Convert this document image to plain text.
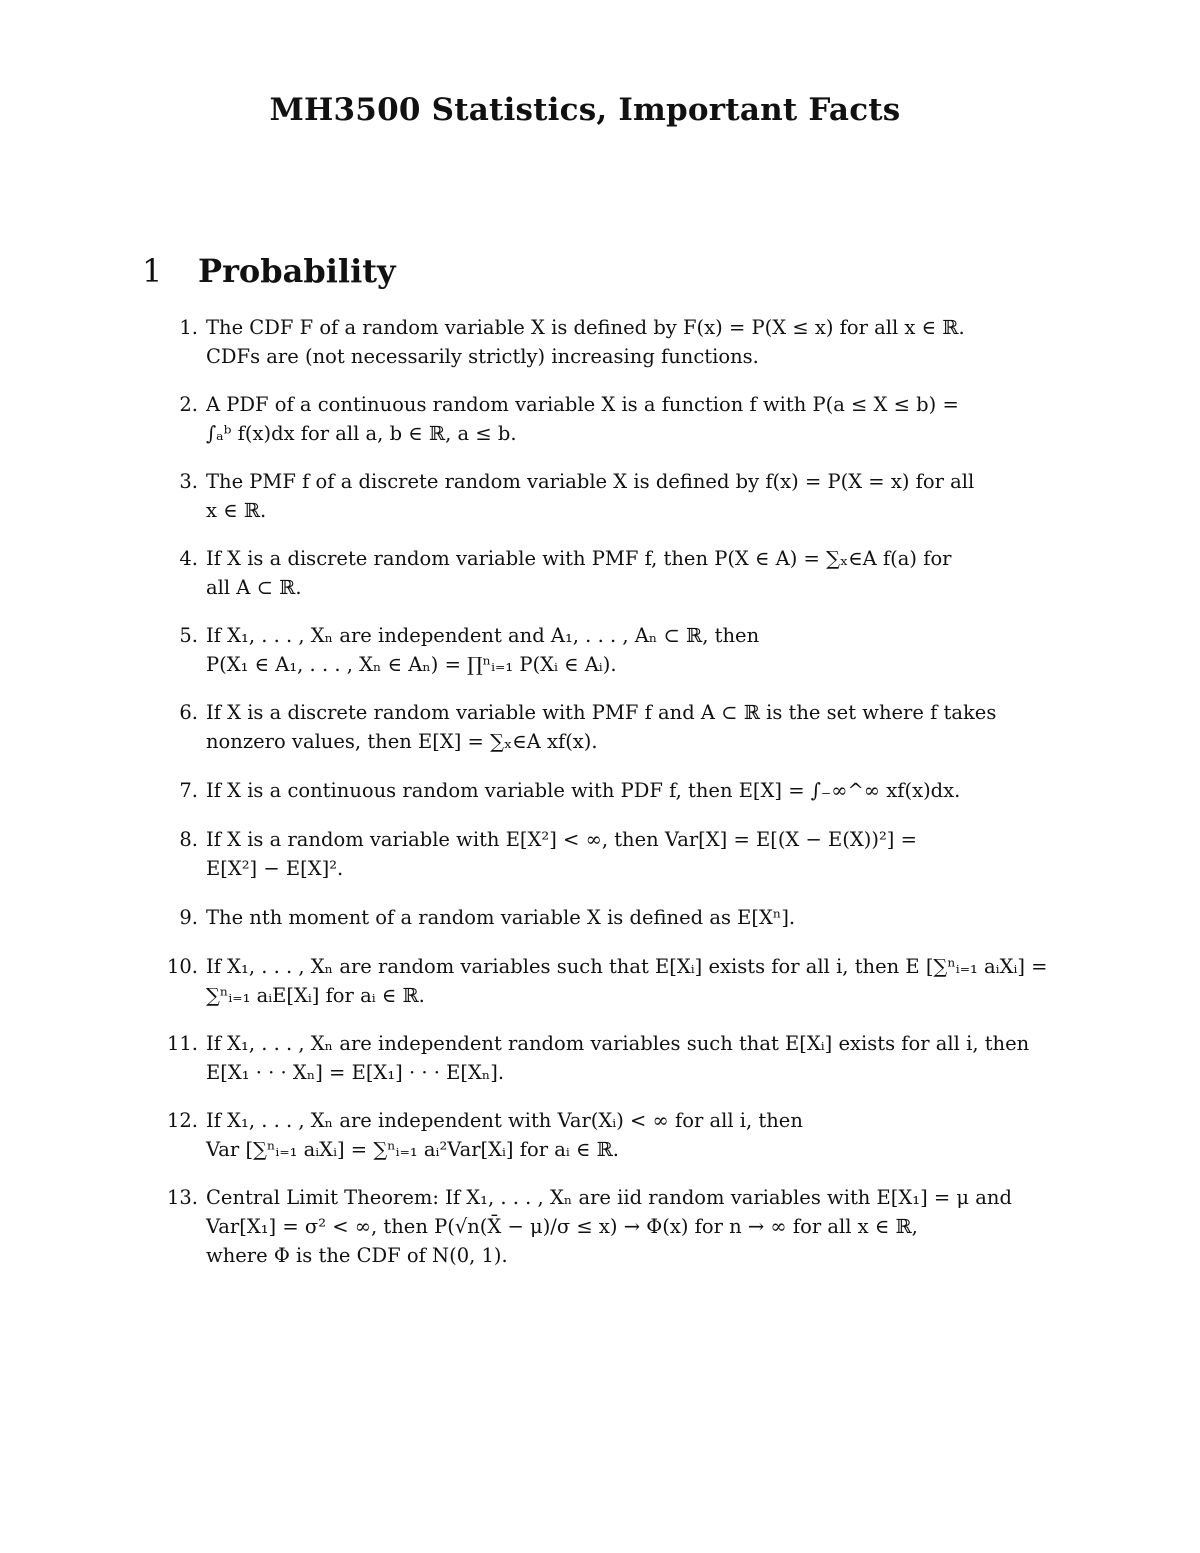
MH3500 Statistics, Important Facts
1	Probability
1. The CDF F of a random variable X is defined by F(x) = P(X ≤ x) for all x ∈ ℝ.
CDFs are (not necessarily strictly) increasing functions.
2. A PDF of a continuous random variable X is a function f with P(a ≤ X ≤ b) =
∫ₐᵇ f(x)dx for all a, b ∈ ℝ, a ≤ b.
3. The PMF f of a discrete random variable X is defined by f(x) = P(X = x) for all
x ∈ ℝ.
4. If X is a discrete random variable with PMF f, then P(X ∈ A) = ∑ₓ∈A f(a) for
all A ⊂ ℝ.
5. If X₁, . . . , Xₙ are independent and A₁, . . . , Aₙ ⊂ ℝ, then
P(X₁ ∈ A₁, . . . , Xₙ ∈ Aₙ) = ∏ⁿᵢ₌₁ P(Xᵢ ∈ Aᵢ).
6. If X is a discrete random variable with PMF f and A ⊂ ℝ is the set where f takes
nonzero values, then E[X] = ∑ₓ∈A xf(x).
7. If X is a continuous random variable with PDF f, then E[X] = ∫₋∞^∞ xf(x)dx.
8. If X is a random variable with E[X²] < ∞, then Var[X] = E[(X − E(X))²] =
E[X²] − E[X]².
9. The nth moment of a random variable X is defined as E[Xⁿ].
10. If X₁, . . . , Xₙ are random variables such that E[Xᵢ] exists for all i, then E [∑ⁿᵢ₌₁ aᵢXᵢ] =
∑ⁿᵢ₌₁ aᵢE[Xᵢ] for aᵢ ∈ ℝ.
11. If X₁, . . . , Xₙ are independent random variables such that E[Xᵢ] exists for all i, then
E[X₁ · · · Xₙ] = E[X₁] · · · E[Xₙ].
12. If X₁, . . . , Xₙ are independent with Var(Xᵢ) < ∞ for all i, then
Var [∑ⁿᵢ₌₁ aᵢXᵢ] = ∑ⁿᵢ₌₁ aᵢ²Var[Xᵢ] for aᵢ ∈ ℝ.
13. Central Limit Theorem: If X₁, . . . , Xₙ are iid random variables with E[X₁] = μ and
Var[X₁] = σ² < ∞, then P(√n(X̄ − μ)/σ ≤ x) → Φ(x) for n → ∞ for all x ∈ ℝ,
where Φ is the CDF of N(0, 1).
